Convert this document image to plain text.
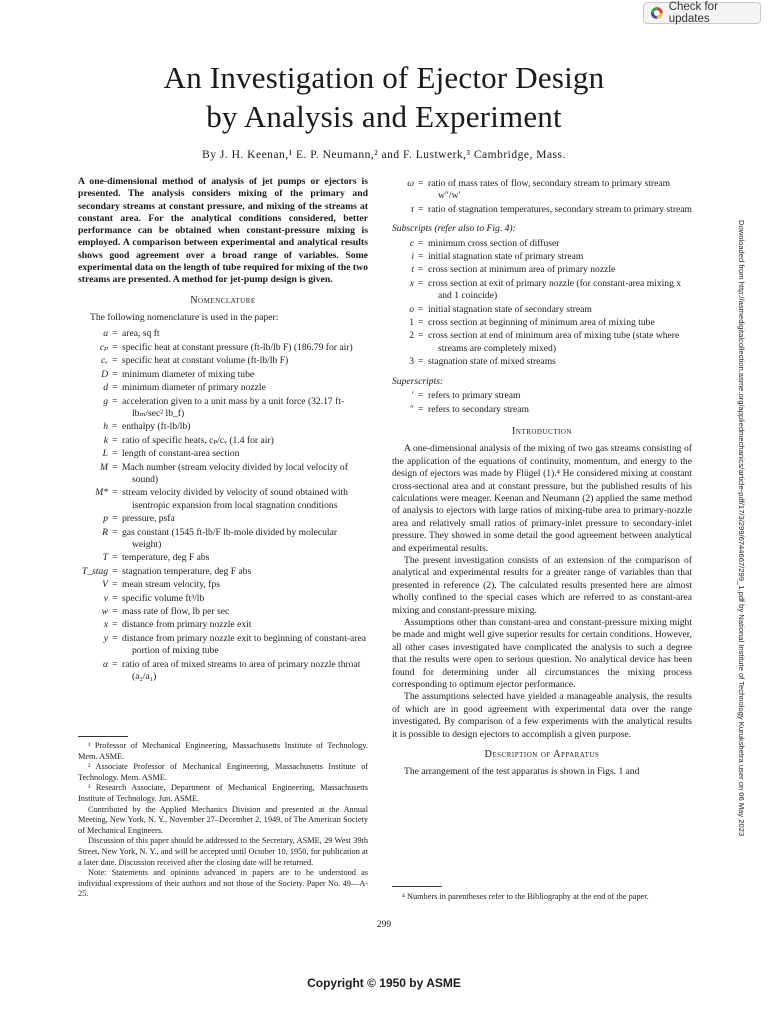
Check for updates
An Investigation of Ejector Design
by Analysis and Experiment
By J. H. Keenan,¹ E. P. Neumann,² and F. Lustwerk,³ Cambridge, Mass.

A one-dimensional method of analysis of jet pumps or ejectors is presented. The analysis considers mixing of the primary and secondary streams at constant pressure, and mixing of the streams at constant area. For the analytical conditions considered, better performance can be obtained when constant-pressure mixing is employed. A comparison between experimental and analytical results shows good agreement over a broad range of variables. Some experimental data on the length of tube required for mixing of the two streams are presented. A method for jet-pump design is given.

Nomenclature

The following nomenclature is used in the paper:

a = area, sq ft
cₚ = specific heat at constant pressure (ft-lb/lb F) (186.79 for air)
cᵥ = specific heat at constant volume (ft-lb/lb F)
D = minimum diameter of mixing tube
d = minimum diameter of primary nozzle
g = acceleration given to a unit mass by a unit force (32.17 ft-lbₘ/sec² lb_f)
h = enthalpy (ft-lb/lb)
k = ratio of specific heats, cₚ/cᵥ (1.4 for air)
L = length of constant-area section
M = Mach number (stream velocity divided by local velocity of sound)
M* = stream velocity divided by velocity of sound obtained with isentropic expansion from local stagnation conditions
p = pressure, psfa
R = gas constant (1545 ft-lb/F lb-mole divided by molecular weight)
T = temperature, deg F abs
T_stag = stagnation temperature, deg F abs
V = mean stream velocity, fps
v = specific volume ft³/lb
w = mass rate of flow, lb per sec
x = distance from primary nozzle exit
y = distance from primary nozzle exit to beginning of constant-area portion of mixing tube
α = ratio of area of mixed streams to area of primary nozzle throat (a₂/a₁)

¹ Professor of Mechanical Engineering, Massachusetts Institute of Technology. Mem. ASME.

² Associate Professor of Mechanical Engineering, Massachusetts Institute of Technology. Mem. ASME.

³ Research Associate, Department of Mechanical Engineering, Massachusetts Institute of Technology. Jun. ASME.

Contributed by the Applied Mechanics Division and presented at the Annual Meeting, New York, N. Y., November 27–December 2, 1949, of The American Society of Mechanical Engineers.

Discussion of this paper should be addressed to the Secretary, ASME, 29 West 39th Street, New York, N. Y., and will be accepted until October 10, 1950, for publication at a later date. Discussion received after the closing date will be returned.

Note: Statements and opinions advanced in papers are to be understood as individual expressions of their authors and not those of the Society. Paper No. 49—A-25.

ω = ratio of mass rates of flow, secondary stream to primary stream w″/w′
τ = ratio of stagnation temperatures, secondary stream to primary stream
Subscripts (refer also to Fig. 4):
c = minimum cross section of diffuser
i = initial stagnation state of primary stream
t = cross section at minimum area of primary nozzle
x = cross section at exit of primary nozzle (for constant-area mixing x and 1 coincide)
o = initial stagnation state of secondary stream
1 = cross section at beginning of minimum area of mixing tube
2 = cross section at end of minimum area of mixing tube (state where streams are completely mixed)
3 = stagnation state of mixed streams
Superscripts:
′ = refers to primary stream
″ = refers to secondary stream
Introduction

A one-dimensional analysis of the mixing of two gas streams consisting of the application of the equations of continuity, momentum, and energy to the design of ejectors was made by Flügel (1).⁴ He considered mixing at constant cross-sectional area and at constant pressure, but the published results of his calculations were meager. Keenan and Neumann (2) applied the same method of analysis to ejectors with large ratios of mixing-tube area to primary-nozzle area and relatively small ratios of primary-inlet pressure to secondary-inlet pressure. They showed in some detail the good agreement between analytical and experimental results.

The present investigation consists of an extension of the comparison of analytical and experimental results for a greater range of variables than that presented in reference (2). The calculated results presented here are almost wholly confined to the special cases which are referred to as constant-area mixing and constant-pressure mixing.

Assumptions other than constant-area and constant-pressure mixing might be made and might well give superior results for certain conditions. However, all other cases investigated have complicated the analysis to such a degree that the results were open to serious question. No analytical device has been found for determining under all circumstances the mixing process corresponding to optimum ejector performance.

The assumptions selected have yielded a manageable analysis, the results of which are in good agreement with experimental data over the range investigated. By comparison of a few experiments with the analytical results it is possible to design ejectors to accomplish a given purpose.

Description of Apparatus

The arrangement of the test apparatus is shown in Figs. 1 and

⁴ Numbers in parentheses refer to the Bibliography at the end of the paper.

299
Copyright © 1950 by ASME
Downloaded from http://asmedigitalcollection.asme.org/appliedmechanics/article-pdf/17/3/299/6744667/299_1.pdf by National Institute of Technology Kurukshetra user on 06 May 2023
